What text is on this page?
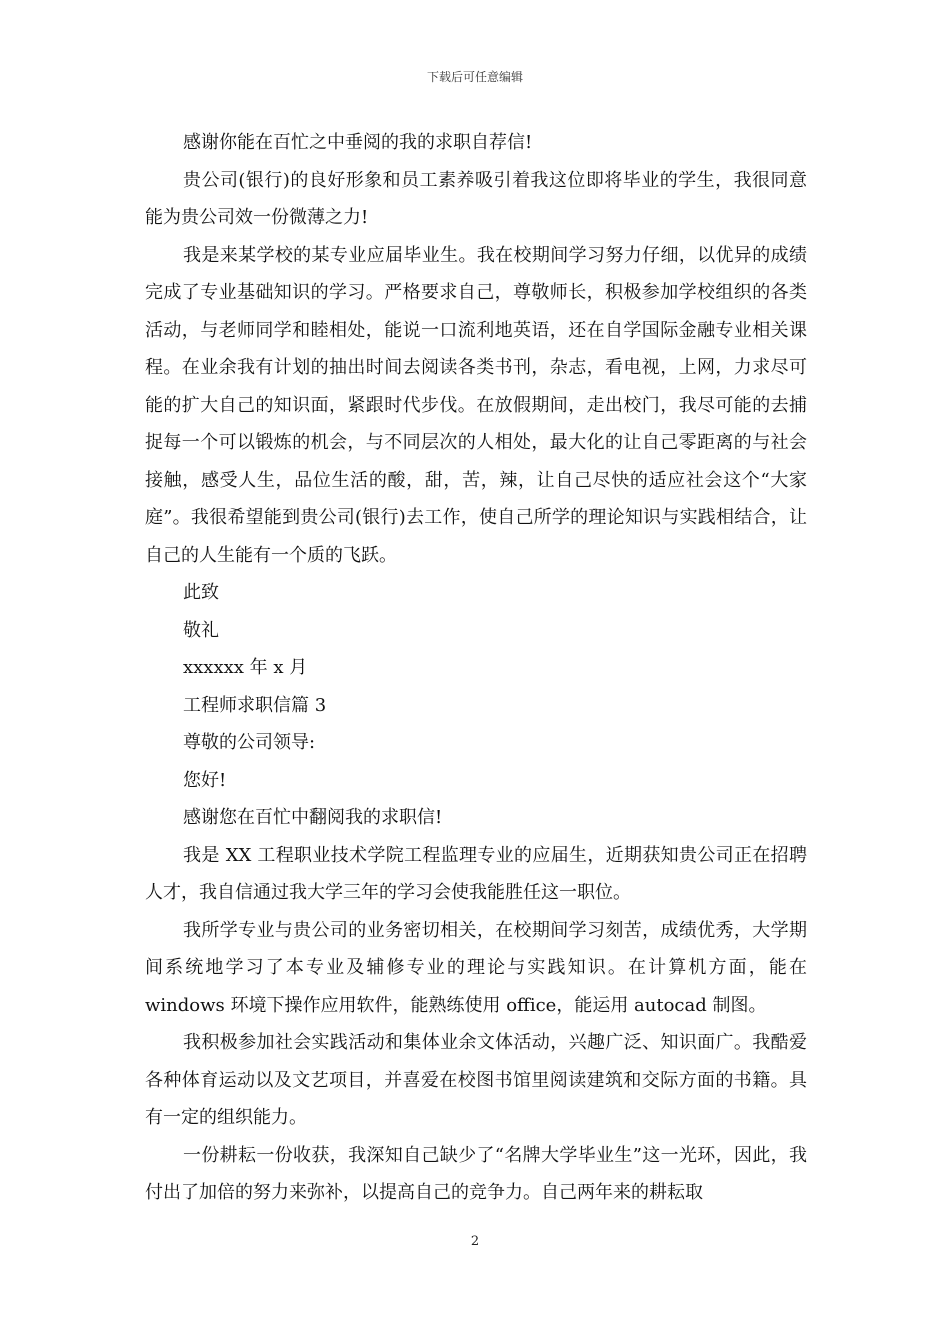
下载后可任意编辑

感谢你能在百忙之中垂阅的我的求职自荐信!

贵公司(银行)的良好形象和员工素养吸引着我这位即将毕业的学生，我很同意能为贵公司效一份微薄之力!

我是来某学校的某专业应届毕业生。我在校期间学习努力仔细，以优异的成绩完成了专业基础知识的学习。严格要求自己，尊敬师长，积极参加学校组织的各类活动，与老师同学和睦相处，能说一口流利地英语，还在自学国际金融专业相关课程。在业余我有计划的抽出时间去阅读各类书刊，杂志，看电视，上网，力求尽可能的扩大自己的知识面，紧跟时代步伐。在放假期间，走出校门，我尽可能的去捕捉每一个可以锻炼的机会，与不同层次的人相处，最大化的让自己零距离的与社会接触，感受人生，品位生活的酸，甜，苦，辣，让自己尽快的适应社会这个“大家庭”。我很希望能到贵公司(银行)去工作，使自己所学的理论知识与实践相结合，让自己的人生能有一个质的飞跃。

此致

敬礼

xxxxxx 年 x 月

工程师求职信篇 3

尊敬的公司领导:

您好!

感谢您在百忙中翻阅我的求职信!

我是 XX 工程职业技术学院工程监理专业的应届生，近期获知贵公司正在招聘人才，我自信通过我大学三年的学习会使我能胜任这一职位。

我所学专业与贵公司的业务密切相关，在校期间学习刻苦，成绩优秀，大学期间系统地学习了本专业及辅修专业的理论与实践知识。在计算机方面，能在 windows 环境下操作应用软件，能熟练使用 office，能运用 autocad 制图。

我积极参加社会实践活动和集体业余文体活动，兴趣广泛、知识面广。我酷爱各种体育运动以及文艺项目，并喜爱在校图书馆里阅读建筑和交际方面的书籍。具有一定的组织能力。

一份耕耘一份收获，我深知自己缺少了“名牌大学毕业生”这一光环，因此，我付出了加倍的努力来弥补，以提高自己的竞争力。自己两年来的耕耘取

2
